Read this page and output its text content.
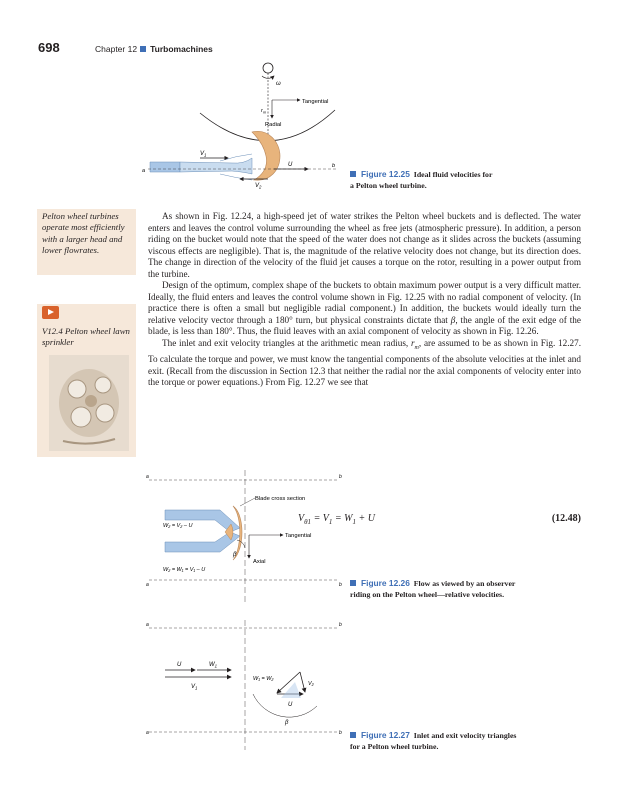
698	Chapter 12 Turbomachines
ω
$r_m$
Tangential
Radial
$V_1$
$V_2$
U
a
b
Figure 12.25 Ideal fluid velocities for
a Pelton wheel turbine.
Pelton wheel turbines operate most efficiently with a larger head and lower flowrates.
V12.4 Pelton wheel lawn sprinkler

As shown in Fig. 12.24, a high-speed jet of water strikes the Pelton wheel buckets and is deflected. The water enters and leaves the control volume surrounding the wheel as free jets (atmospheric pressure). In addition, a person riding on the bucket would note that the speed of the water does not change as it slides across the buckets (assuming viscous effects are negligible). That is, the magnitude of the relative velocity does not change, but its direction does. The change in direction of the velocity of the fluid jet causes a torque on the rotor, resulting in a power output from the turbine.

Design of the optimum, complex shape of the buckets to obtain maximum power output is a very difficult matter. Ideally, the fluid enters and leaves the control volume shown in Fig. 12.25 with no radial component of velocity. (In practice there is often a small but negligible radial component.) In addition, the buckets would ideally turn the relative velocity vector through a 180° turn, but physical constraints dictate that β, the angle of the exit edge of the blade, is less than 180°. Thus, the fluid leaves with an axial component of velocity as shown in Fig. 12.26.

The inlet and exit velocity triangles at the arithmetic mean radius, $r_m$, are assumed to be as shown in Fig. 12.27. To calculate the torque and power, we must know the tangential components of the absolute velocities at the inlet and exit. (Recall from the discussion in Section 12.3 that neither the radial nor the axial components of velocity enter into the torque or power equations.) From Fig. 12.27 we see that

$V_{\theta 1} = V_1 = W_1 + U$	(12.48)
a	b
a	b
Blade cross section
W₂ = V₂ – U
Tangential
Axial
β
W₂ = W₁ = V₁ – U
Figure 12.26 Flow as viewed by an observer
riding on the Pelton wheel—relative velocities.
a	b
a	b
U	$W_1$
$V_1$
W₁ = W₂
V₂
U
β
Figure 12.27 Inlet and exit velocity triangles
for a Pelton wheel turbine.
